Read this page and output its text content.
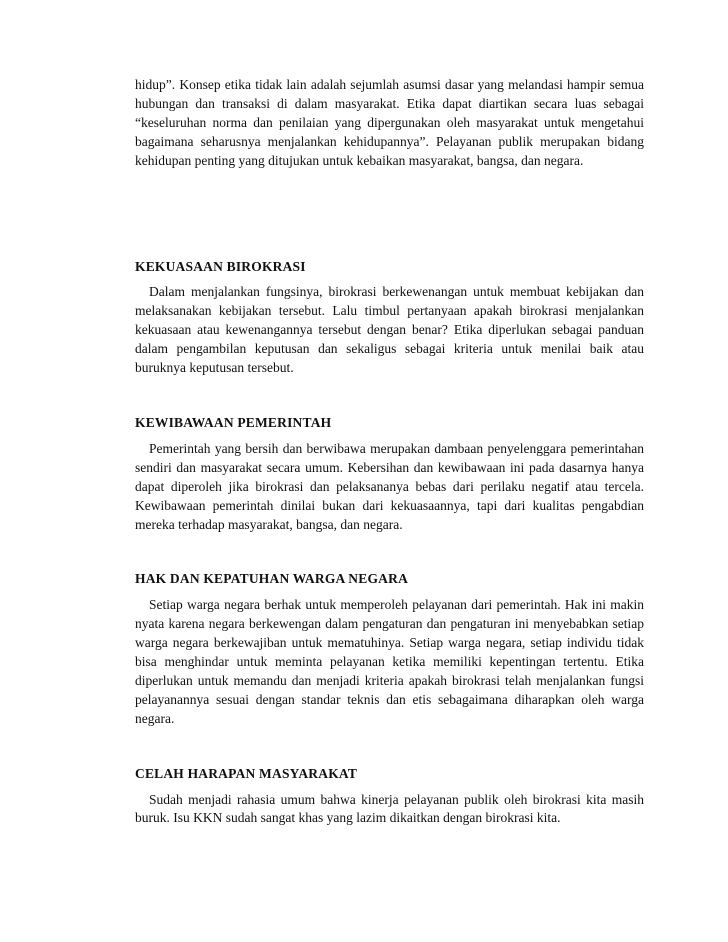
hidup”. Konsep etika tidak lain adalah sejumlah asumsi dasar yang melandasi hampir semua hubungan dan transaksi di dalam masyarakat. Etika dapat diartikan secara luas sebagai “keseluruhan norma dan penilaian yang dipergunakan oleh masyarakat untuk mengetahui bagaimana seharusnya menjalankan kehidupannya”. Pelayanan publik merupakan bidang kehidupan penting yang ditujukan untuk kebaikan masyarakat, bangsa, dan negara.

KEKUASAAN BIROKRASI

Dalam menjalankan fungsinya, birokrasi berkewenangan untuk membuat kebijakan dan melaksanakan kebijakan tersebut. Lalu timbul pertanyaan apakah birokrasi menjalankan kekuasaan atau kewenangannya tersebut dengan benar? Etika diperlukan sebagai panduan dalam pengambilan keputusan dan sekaligus sebagai kriteria untuk menilai baik atau buruknya keputusan tersebut.

KEWIBAWAAN PEMERINTAH

Pemerintah yang bersih dan berwibawa merupakan dambaan penyelenggara pemerintahan sendiri dan masyarakat secara umum. Kebersihan dan kewibawaan ini pada dasarnya hanya dapat diperoleh jika birokrasi dan pelaksananya bebas dari perilaku negatif atau tercela. Kewibawaan pemerintah dinilai bukan dari kekuasaannya, tapi dari kualitas pengabdian mereka terhadap masyarakat, bangsa, dan negara.

HAK DAN KEPATUHAN WARGA NEGARA

Setiap warga negara berhak untuk memperoleh pelayanan dari pemerintah. Hak ini makin nyata karena negara berkewengan dalam pengaturan dan pengaturan ini menyebabkan setiap warga negara berkewajiban untuk mematuhinya. Setiap warga negara, setiap individu tidak bisa menghindar untuk meminta pelayanan ketika memiliki kepentingan tertentu. Etika diperlukan untuk memandu dan menjadi kriteria apakah birokrasi telah menjalankan fungsi pelayanannya sesuai dengan standar teknis dan etis sebagaimana diharapkan oleh warga negara.

CELAH HARAPAN MASYARAKAT

Sudah menjadi rahasia umum bahwa kinerja pelayanan publik oleh birokrasi kita masih buruk. Isu KKN sudah sangat khas yang lazim dikaitkan dengan birokrasi kita.
